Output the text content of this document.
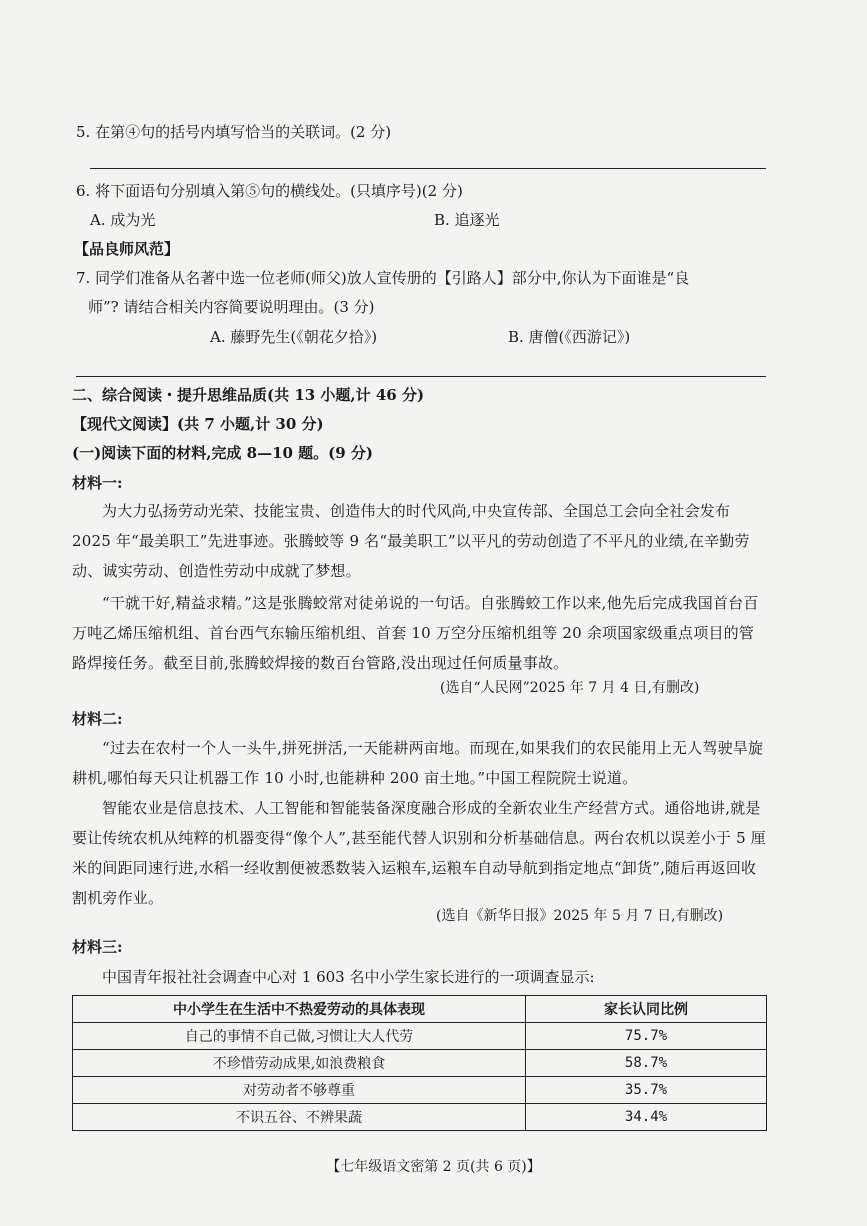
5. 在第④句的括号内填写恰当的关联词。(2 分)
6. 将下面语句分别填入第⑤句的横线处。(只填序号)(2 分)
A. 成为光	B. 追逐光
【品良师风范】
7. 同学们准备从名著中选一位老师(师父)放人宣传册的【引路人】部分中,你认为下面谁是“良
师”? 请结合相关内容简要说明理由。(3 分)
A. 藤野先生(《朝花夕拾》)	B. 唐僧(《西游记》)
二、综合阅读・提升思维品质(共 13 小题,计 46 分)
【现代文阅读】(共 7 小题,计 30 分)
(一)阅读下面的材料,完成 8—10 题。(9 分)
材料一:
为大力弘扬劳动光荣、技能宝贵、创造伟大的时代风尚,中央宣传部、全国总工会向全社会发布 2025 年“最美职工”先进事迹。张腾蛟等 9 名“最美职工”以平凡的劳动创造了不平凡的业绩,在辛勤劳动、诚实劳动、创造性劳动中成就了梦想。
“干就干好,精益求精。”这是张腾蛟常对徒弟说的一句话。自张腾蛟工作以来,他先后完成我国首台百万吨乙烯压缩机组、首台西气东输压缩机组、首套 10 万空分压缩机组等 20 余项国家级重点项目的管路焊接任务。截至目前,张腾蛟焊接的数百台管路,没出现过任何质量事故。
(选自“人民网”2025 年 7 月 4 日,有删改)
材料二:
“过去在农村一个人一头牛,拼死拼活,一天能耕两亩地。而现在,如果我们的农民能用上无人驾驶旱旋耕机,哪怕每天只让机器工作 10 小时,也能耕种 200 亩土地。”中国工程院院士说道。
智能农业是信息技术、人工智能和智能装备深度融合形成的全新农业生产经营方式。通俗地讲,就是要让传统农机从纯粹的机器变得“像个人”,甚至能代替人识别和分析基础信息。两台农机以误差小于 5 厘米的间距同速行进,水稻一经收割便被悉数装入运粮车,运粮车自动导航到指定地点“卸货”,随后再返回收割机旁作业。
(选自《新华日报》2025 年 5 月 7 日,有删改)
材料三:
中国青年报社社会调查中心对 1 603 名中小学生家长进行的一项调查显示:
中小学生在生活中不热爱劳动的具体表现	家长认同比例
自己的事情不自己做,习惯让大人代劳	75.7%
不珍惜劳动成果,如浪费粮食	58.7%
对劳动者不够尊重	35.7%
不识五谷、不辨果蔬	34.4%
【七年级语文密第 2 页(共 6 页)】
